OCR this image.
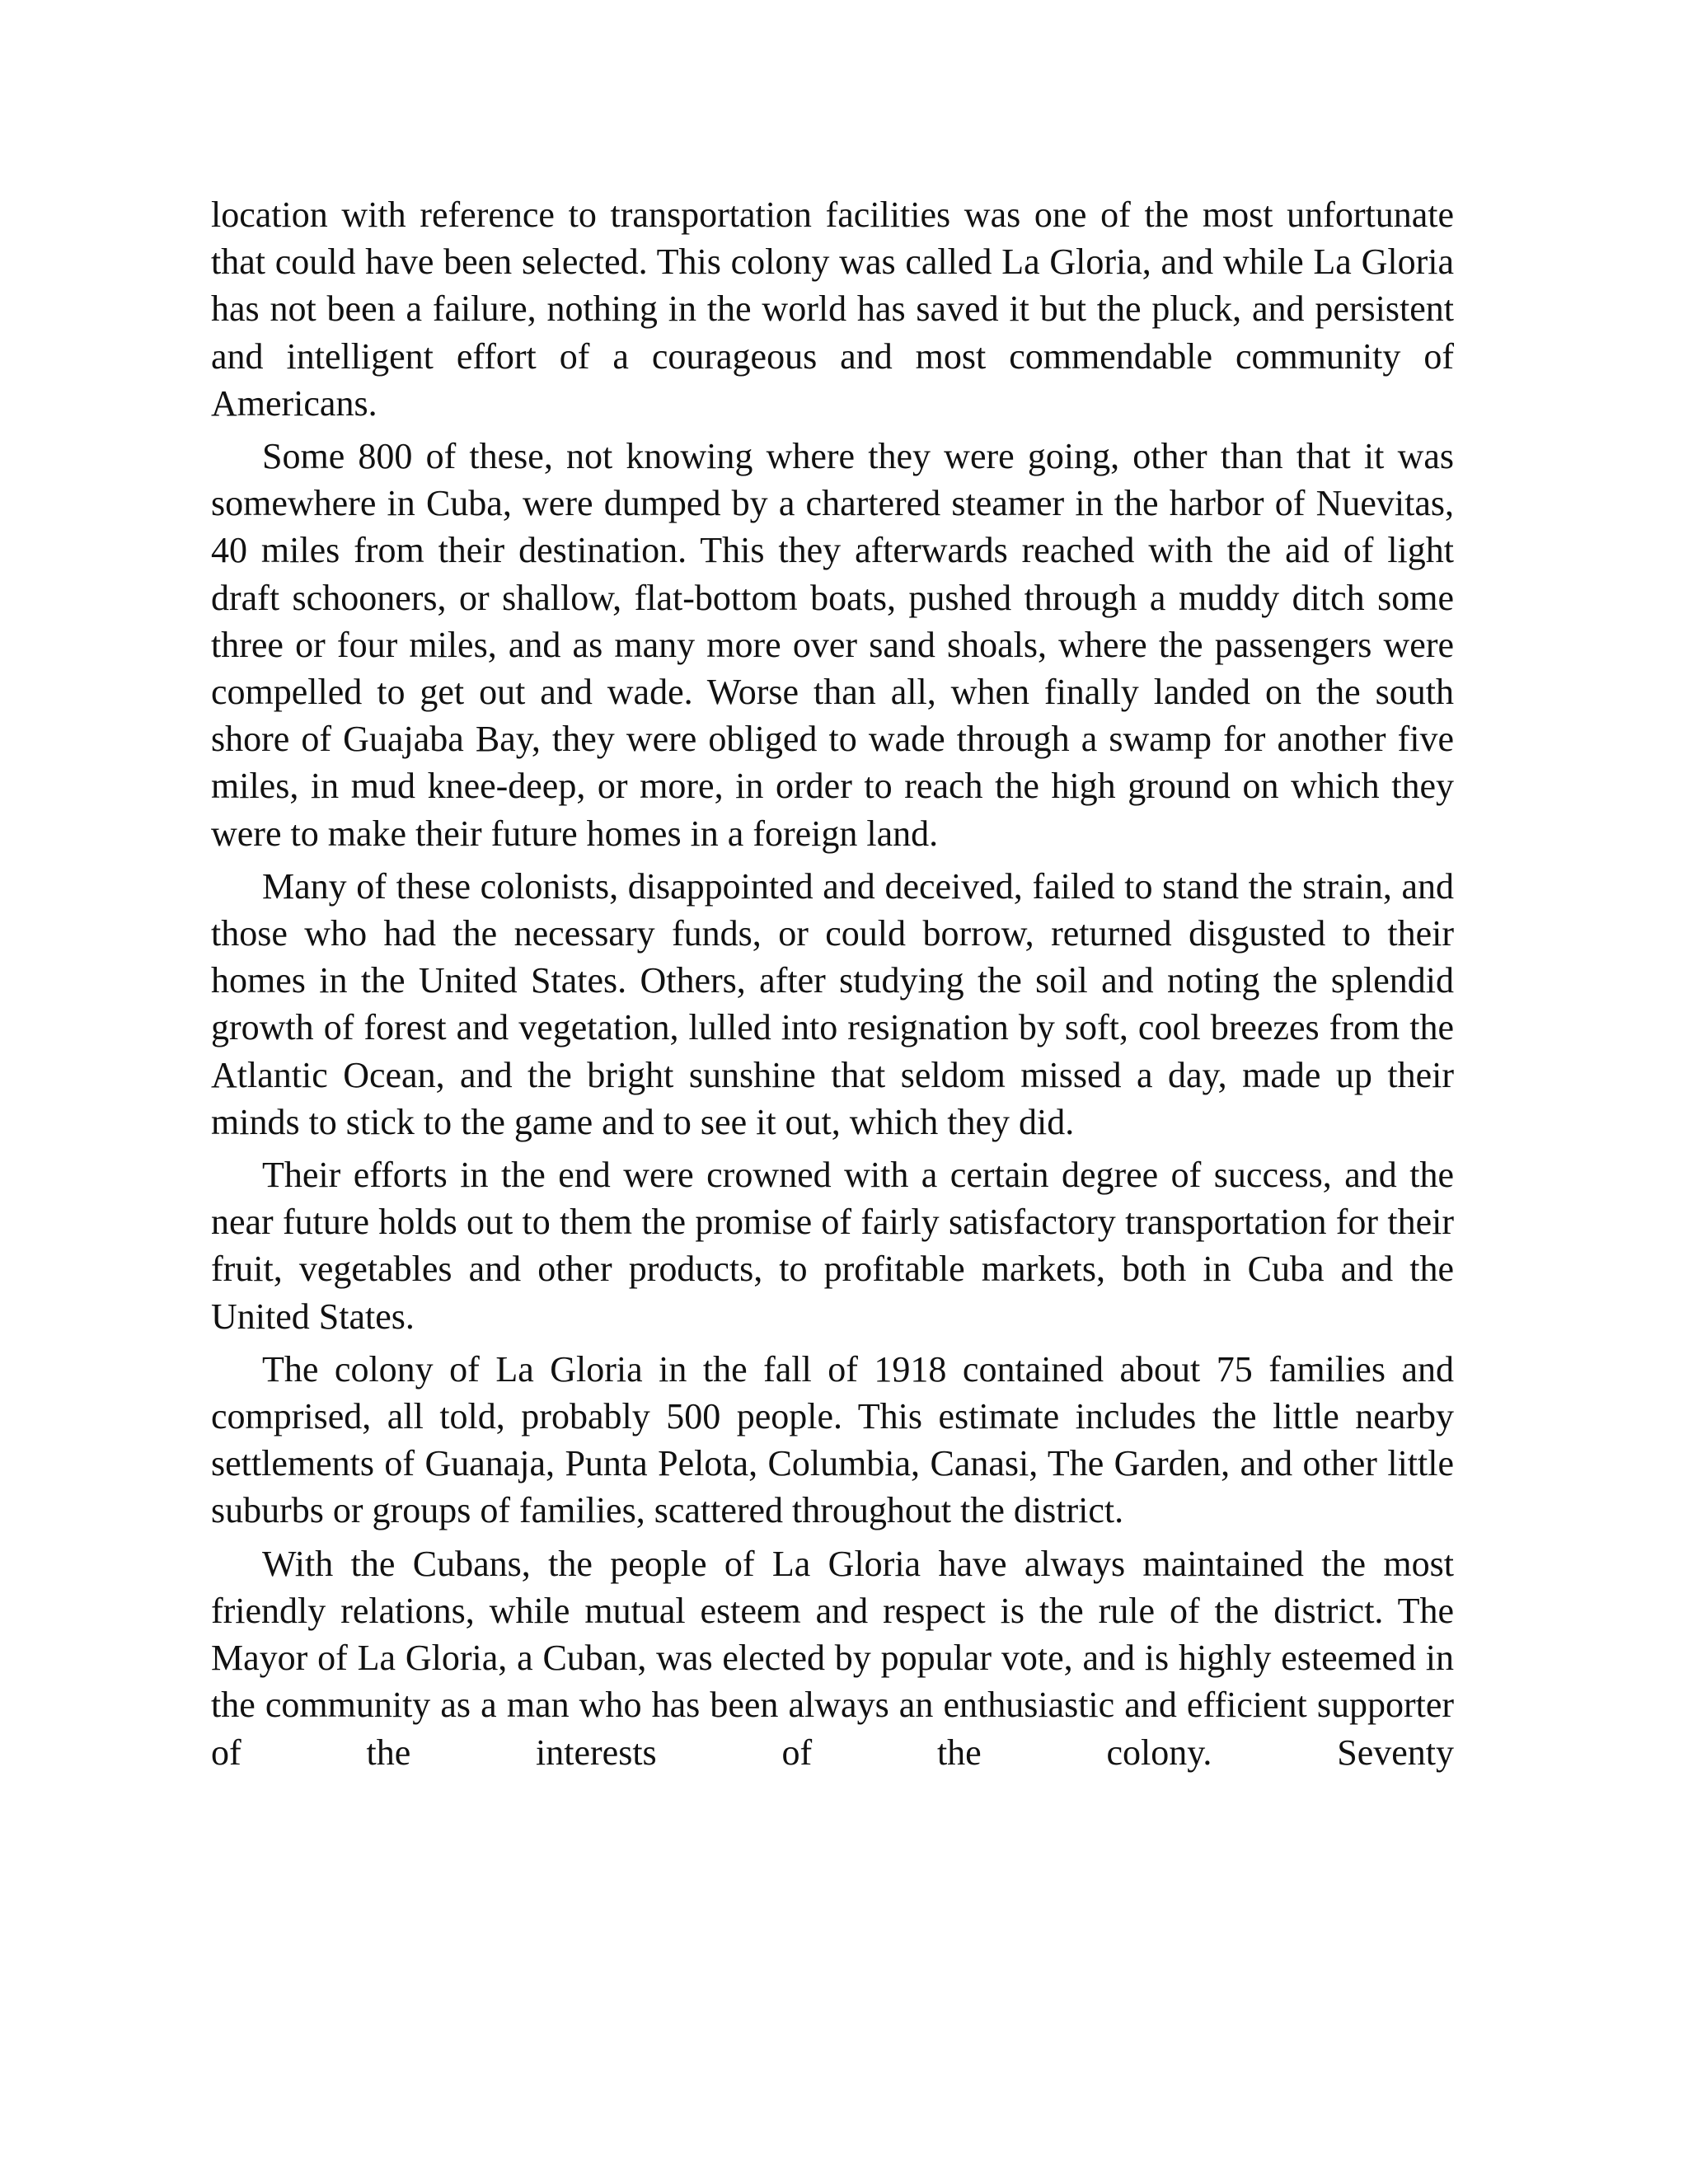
location with reference to transportation facilities was one of the most unfortunate that could have been selected. This colony was called La Gloria, and while La Gloria has not been a failure, nothing in the world has saved it but the pluck, and persistent and intelligent effort of a courageous and most commendable community of Americans.

Some 800 of these, not knowing where they were going, other than that it was somewhere in Cuba, were dumped by a chartered steamer in the harbor of Nuevitas, 40 miles from their destination. This they afterwards reached with the aid of light draft schooners, or shallow, flat-bottom boats, pushed through a muddy ditch some three or four miles, and as many more over sand shoals, where the passengers were compelled to get out and wade. Worse than all, when finally landed on the south shore of Guajaba Bay, they were obliged to wade through a swamp for another five miles, in mud knee-deep, or more, in order to reach the high ground on which they were to make their future homes in a foreign land.

Many of these colonists, disappointed and deceived, failed to stand the strain, and those who had the necessary funds, or could borrow, returned disgusted to their homes in the United States. Others, after studying the soil and noting the splendid growth of forest and vegetation, lulled into resignation by soft, cool breezes from the Atlantic Ocean, and the bright sunshine that seldom missed a day, made up their minds to stick to the game and to see it out, which they did.

Their efforts in the end were crowned with a certain degree of success, and the near future holds out to them the promise of fairly satisfactory transportation for their fruit, vegetables and other products, to profitable markets, both in Cuba and the United States.

The colony of La Gloria in the fall of 1918 contained about 75 families and comprised, all told, probably 500 people. This estimate includes the little nearby settlements of Guanaja, Punta Pelota, Columbia, Canasi, The Garden, and other little suburbs or groups of families, scattered throughout the district.

With the Cubans, the people of La Gloria have always maintained the most friendly relations, while mutual esteem and respect is the rule of the district. The Mayor of La Gloria, a Cuban, was elected by popular vote, and is highly esteemed in the community as a man who has been always an enthusiastic and efficient supporter of the interests of the colony. Seventy
